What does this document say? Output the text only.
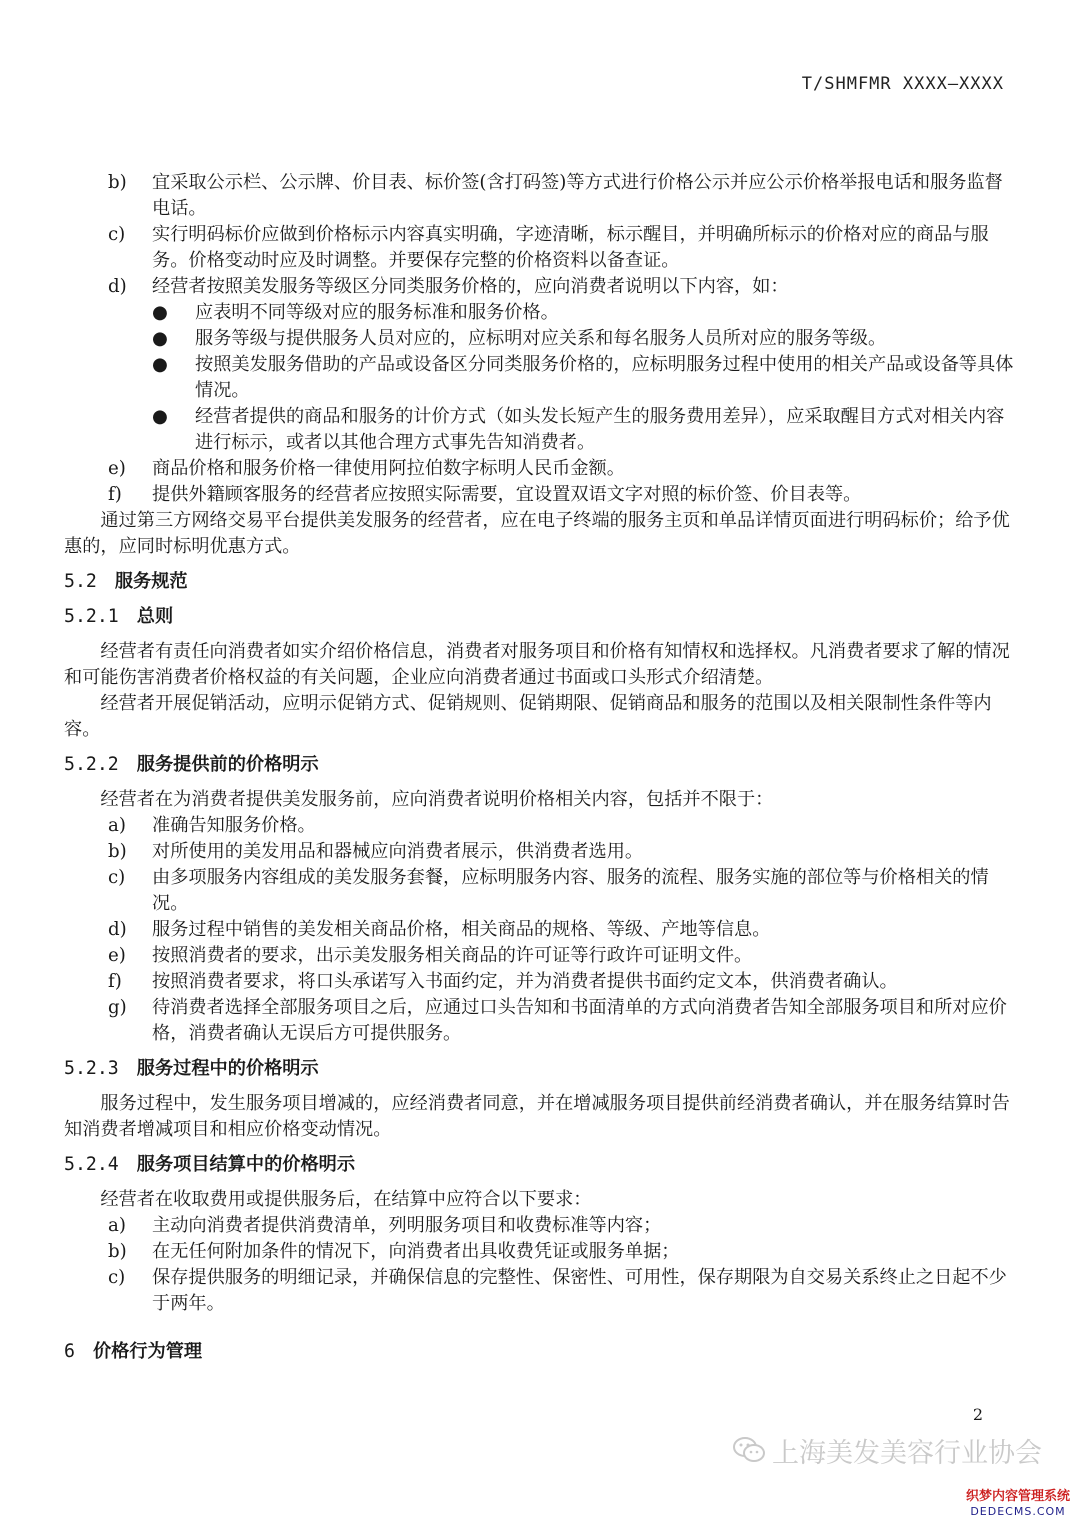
T/SHMFMR XXXX—XXXX
b)	宜采取公示栏、公示牌、价目表、标价签(含打码签)等方式进行价格公示并应公示价格举报电话和服务监督电话。
c)	实行明码标价应做到价格标示内容真实明确，字迹清晰，标示醒目，并明确所标示的价格对应的商品与服务。价格变动时应及时调整。并要保存完整的价格资料以备查证。
d)	经营者按照美发服务等级区分同类服务价格的，应向消费者说明以下内容，如：
●	应表明不同等级对应的服务标准和服务价格。
●	服务等级与提供服务人员对应的，应标明对应关系和每名服务人员所对应的服务等级。
●	按照美发服务借助的产品或设备区分同类服务价格的，应标明服务过程中使用的相关产品或设备等具体情况。
●	经营者提供的商品和服务的计价方式（如头发长短产生的服务费用差异），应采取醒目方式对相关内容进行标示，或者以其他合理方式事先告知消费者。
e)	商品价格和服务价格一律使用阿拉伯数字标明人民币金额。
f)	提供外籍顾客服务的经营者应按照实际需要，宜设置双语文字对照的标价签、价目表等。
通过第三方网络交易平台提供美发服务的经营者，应在电子终端的服务主页和单品详情页面进行明码标价；给予优惠的，应同时标明优惠方式。
5.2 服务规范
5.2.1 总则
经营者有责任向消费者如实介绍价格信息，消费者对服务项目和价格有知情权和选择权。凡消费者要求了解的情况和可能伤害消费者价格权益的有关问题，企业应向消费者通过书面或口头形式介绍清楚。
经营者开展促销活动，应明示促销方式、促销规则、促销期限、促销商品和服务的范围以及相关限制性条件等内容。
5.2.2 服务提供前的价格明示
经营者在为消费者提供美发服务前，应向消费者说明价格相关内容，包括并不限于：
a)	准确告知服务价格。
b)	对所使用的美发用品和器械应向消费者展示，供消费者选用。
c)	由多项服务内容组成的美发服务套餐，应标明服务内容、服务的流程、服务实施的部位等与价格相关的情况。
d)	服务过程中销售的美发相关商品价格，相关商品的规格、等级、产地等信息。
e)	按照消费者的要求，出示美发服务相关商品的许可证等行政许可证明文件。
f)	按照消费者要求，将口头承诺写入书面约定，并为消费者提供书面约定文本，供消费者确认。
g)	待消费者选择全部服务项目之后，应通过口头告知和书面清单的方式向消费者告知全部服务项目和所对应价格，消费者确认无误后方可提供服务。
5.2.3 服务过程中的价格明示
服务过程中，发生服务项目增减的，应经消费者同意，并在增减服务项目提供前经消费者确认，并在服务结算时告知消费者增减项目和相应价格变动情况。
5.2.4 服务项目结算中的价格明示
经营者在收取费用或提供服务后，在结算中应符合以下要求：
a)	主动向消费者提供消费清单，列明服务项目和收费标准等内容；
b)	在无任何附加条件的情况下，向消费者出具收费凭证或服务单据；
c)	保存提供服务的明细记录，并确保信息的完整性、保密性、可用性，保存期限为自交易关系终止之日起不少于两年。
6 价格行为管理
2
上海美发美容行业协会
织梦内容管理系统
DEDECMS.COM
